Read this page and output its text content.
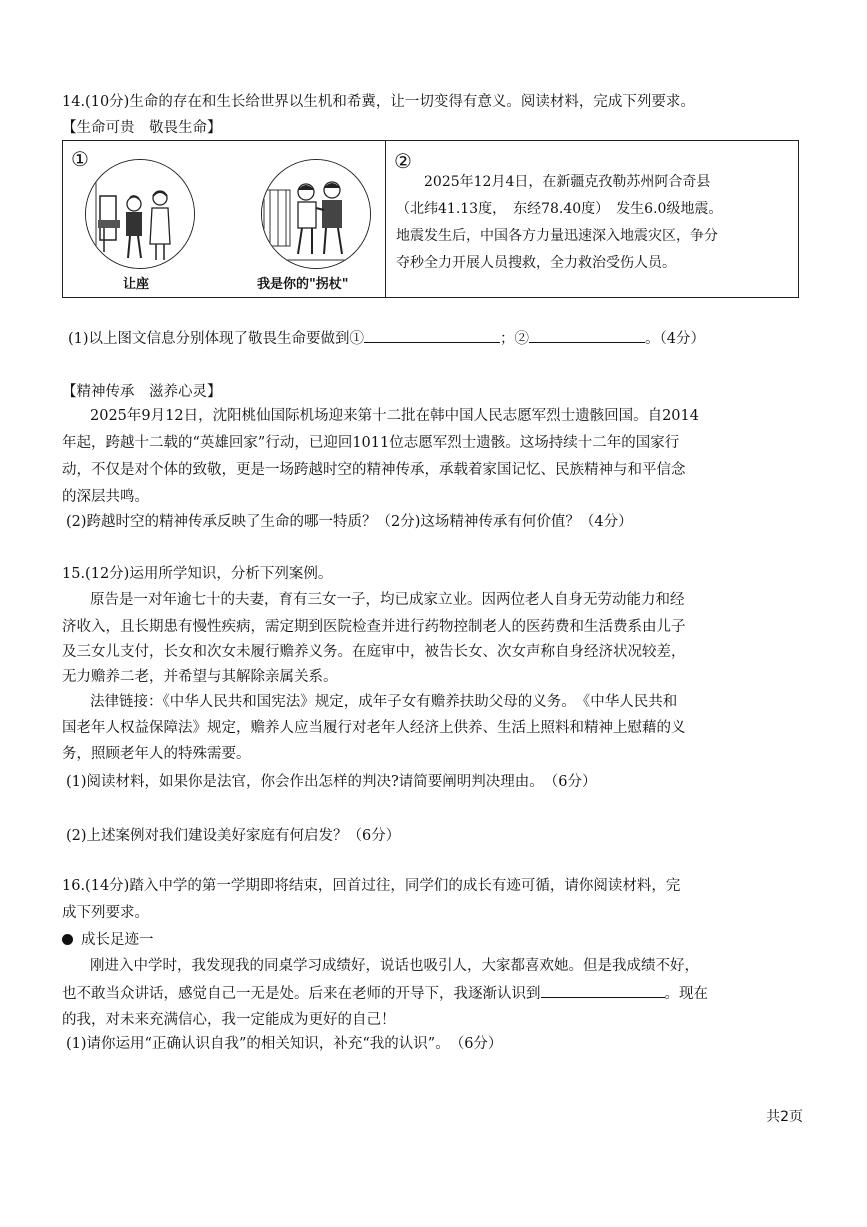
14.(10分)生命的存在和生长给世界以生机和希冀，让一切变得有意义。阅读材料，完成下列要求。
【生命可贵　敬畏生命】
①
让座	我是你的"拐杖"

②

　　2025年12月4日，在新疆克孜勒苏州阿合奇县

（北纬41.13度，　东经78.40度）　发生6.0级地震。

地震发生后，中国各方力量迅速深入地震灾区，争分

夺秒全力开展人员搜救，全力救治受伤人员。

(1)以上图文信息分别体现了敬畏生命要做到①	；②	。（4分）
【精神传承　滋养心灵】
2025年9月12日，沈阳桃仙国际机场迎来第十二批在韩中国人民志愿军烈士遗骸回国。自2014
年起，跨越十二载的“英雄回家”行动，已迎回1011位志愿军烈士遗骸。这场持续十二年的国家行
动，不仅是对个体的致敬，更是一场跨越时空的精神传承，承载着家国记忆、民族精神与和平信念
的深层共鸣。
(2)跨越时空的精神传承反映了生命的哪一特质？（2分)这场精神传承有何价值？（4分）
15.(12分)运用所学知识，分析下列案例。
原告是一对年逾七十的夫妻，育有三女一子，均已成家立业。因两位老人自身无劳动能力和经
济收入，且长期患有慢性疾病，需定期到医院检查并进行药物控制老人的医药费和生活费系由儿子
及三女儿支付，长女和次女未履行赡养义务。在庭审中，被告长女、次女声称自身经济状况较差，
无力赡养二老，并希望与其解除亲属关系。
法律链接：《中华人民共和国宪法》规定，成年子女有赡养扶助父母的义务。　《中华人民共和
国老年人权益保障法》规定，赡养人应当履行对老年人经济上供养、生活上照料和精神上慰藉的义
务，照顾老年人的特殊需要。
(1)阅读材料，如果你是法官，你会作出怎样的判决?请简要阐明判决理由。　（6分）
(2)上述案例对我们建设美好家庭有何启发？（6分）
16.(14分)踏入中学的第一学期即将结束，回首过往，同学们的成长有迹可循，请你阅读材料，完
成下列要求。
成长足迹一
刚进入中学时，我发现我的同桌学习成绩好，说话也吸引人，大家都喜欢她。但是我成绩不好，
也不敢当众讲话，感觉自己一无是处。后来在老师的开导下，我逐渐认识到	。现在
的我，对未来充满信心，我一定能成为更好的自己！
(1)请你运用“正确认识自我”的相关知识，补充“我的认识”。　（6分）
共2页
